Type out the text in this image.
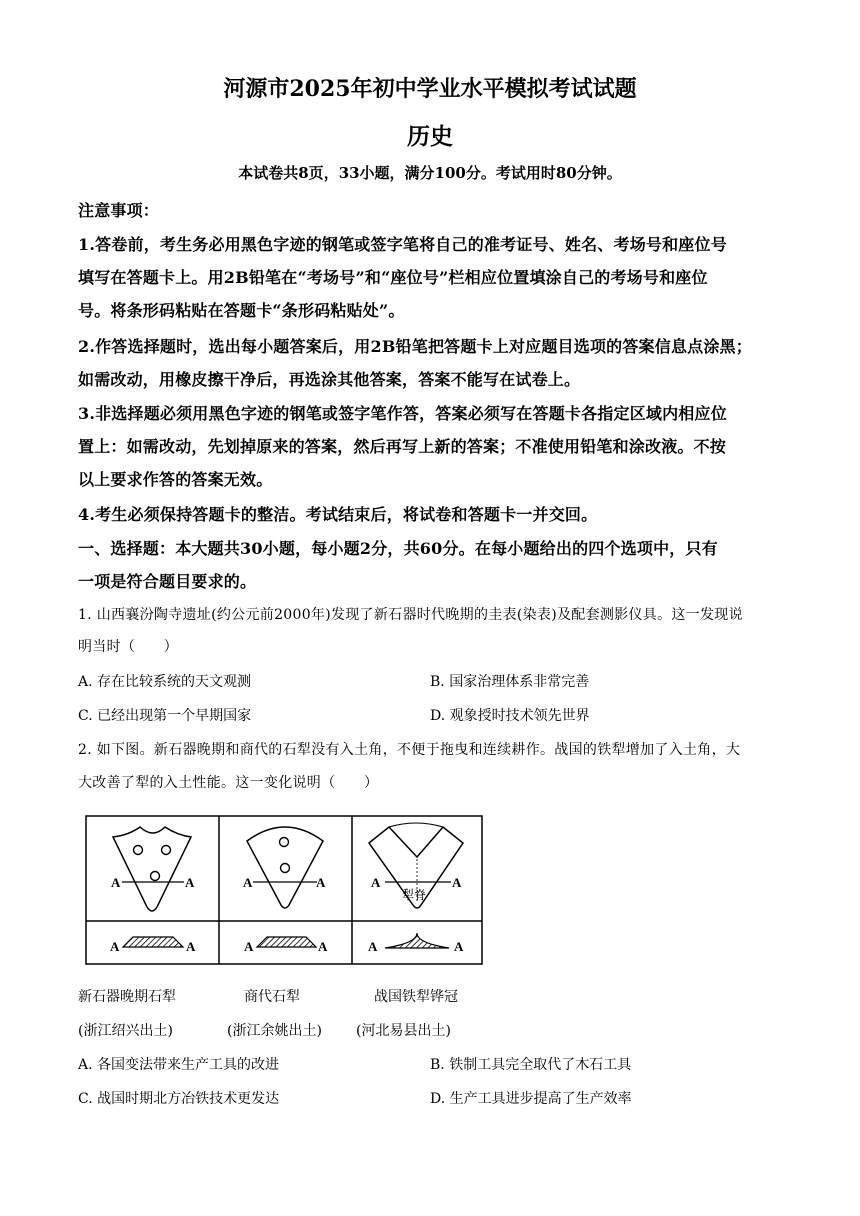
河源市2025年初中学业水平模拟考试试题
历史
本试卷共8页，33小题，满分100分。考试用时80分钟。
注意事项：
1.答卷前，考生务必用黑色字迹的钢笔或签字笔将自己的准考证号、姓名、考场号和座位号
填写在答题卡上。用2B铅笔在“考场号”和“座位号”栏相应位置填涂自己的考场号和座位
号。将条形码粘贴在答题卡“条形码粘贴处”。
2.作答选择题时，选出每小题答案后，用2B铅笔把答题卡上对应题目选项的答案信息点涂黑；
如需改动，用橡皮擦干净后，再选涂其他答案，答案不能写在试卷上。
3.非选择题必须用黑色字迹的钢笔或签字笔作答，答案必须写在答题卡各指定区域内相应位
置上：如需改动，先划掉原来的答案，然后再写上新的答案；不准使用铅笔和涂改液。不按
以上要求作答的答案无效。
4.考生必须保持答题卡的整洁。考试结束后，将试卷和答题卡一并交回。
一、选择题：本大题共30小题，每小题2分，共60分。在每小题给出的四个选项中，只有
一项是符合题目要求的。
1. 山西襄汾陶寺遗址(约公元前2000年)发现了新石器时代晚期的圭表(染表)及配套测影仪具。这一发现说
明当时（　　）
A. 存在比较系统的天文观测	B. 国家治理体系非常完善
C. 已经出现第一个早期国家	D. 观象授时技术领先世界
2. 如下图。新石器晚期和商代的石犁没有入土角，不便于拖曳和连续耕作。战国的铁犁增加了入土角，大
大改善了犁的入土性能。这一变化说明（　　）
A	A
A	A
A	A
A	A
犁脊
A	A
A	A
新石器晚期石犁	商代石犁	战国铁犁铧冠
(浙江绍兴出土)	(浙江余姚出土) (河北易县出土)
A. 各国变法带来生产工具的改进	B. 铁制工具完全取代了木石工具
C. 战国时期北方冶铁技术更发达	D. 生产工具进步提高了生产效率
